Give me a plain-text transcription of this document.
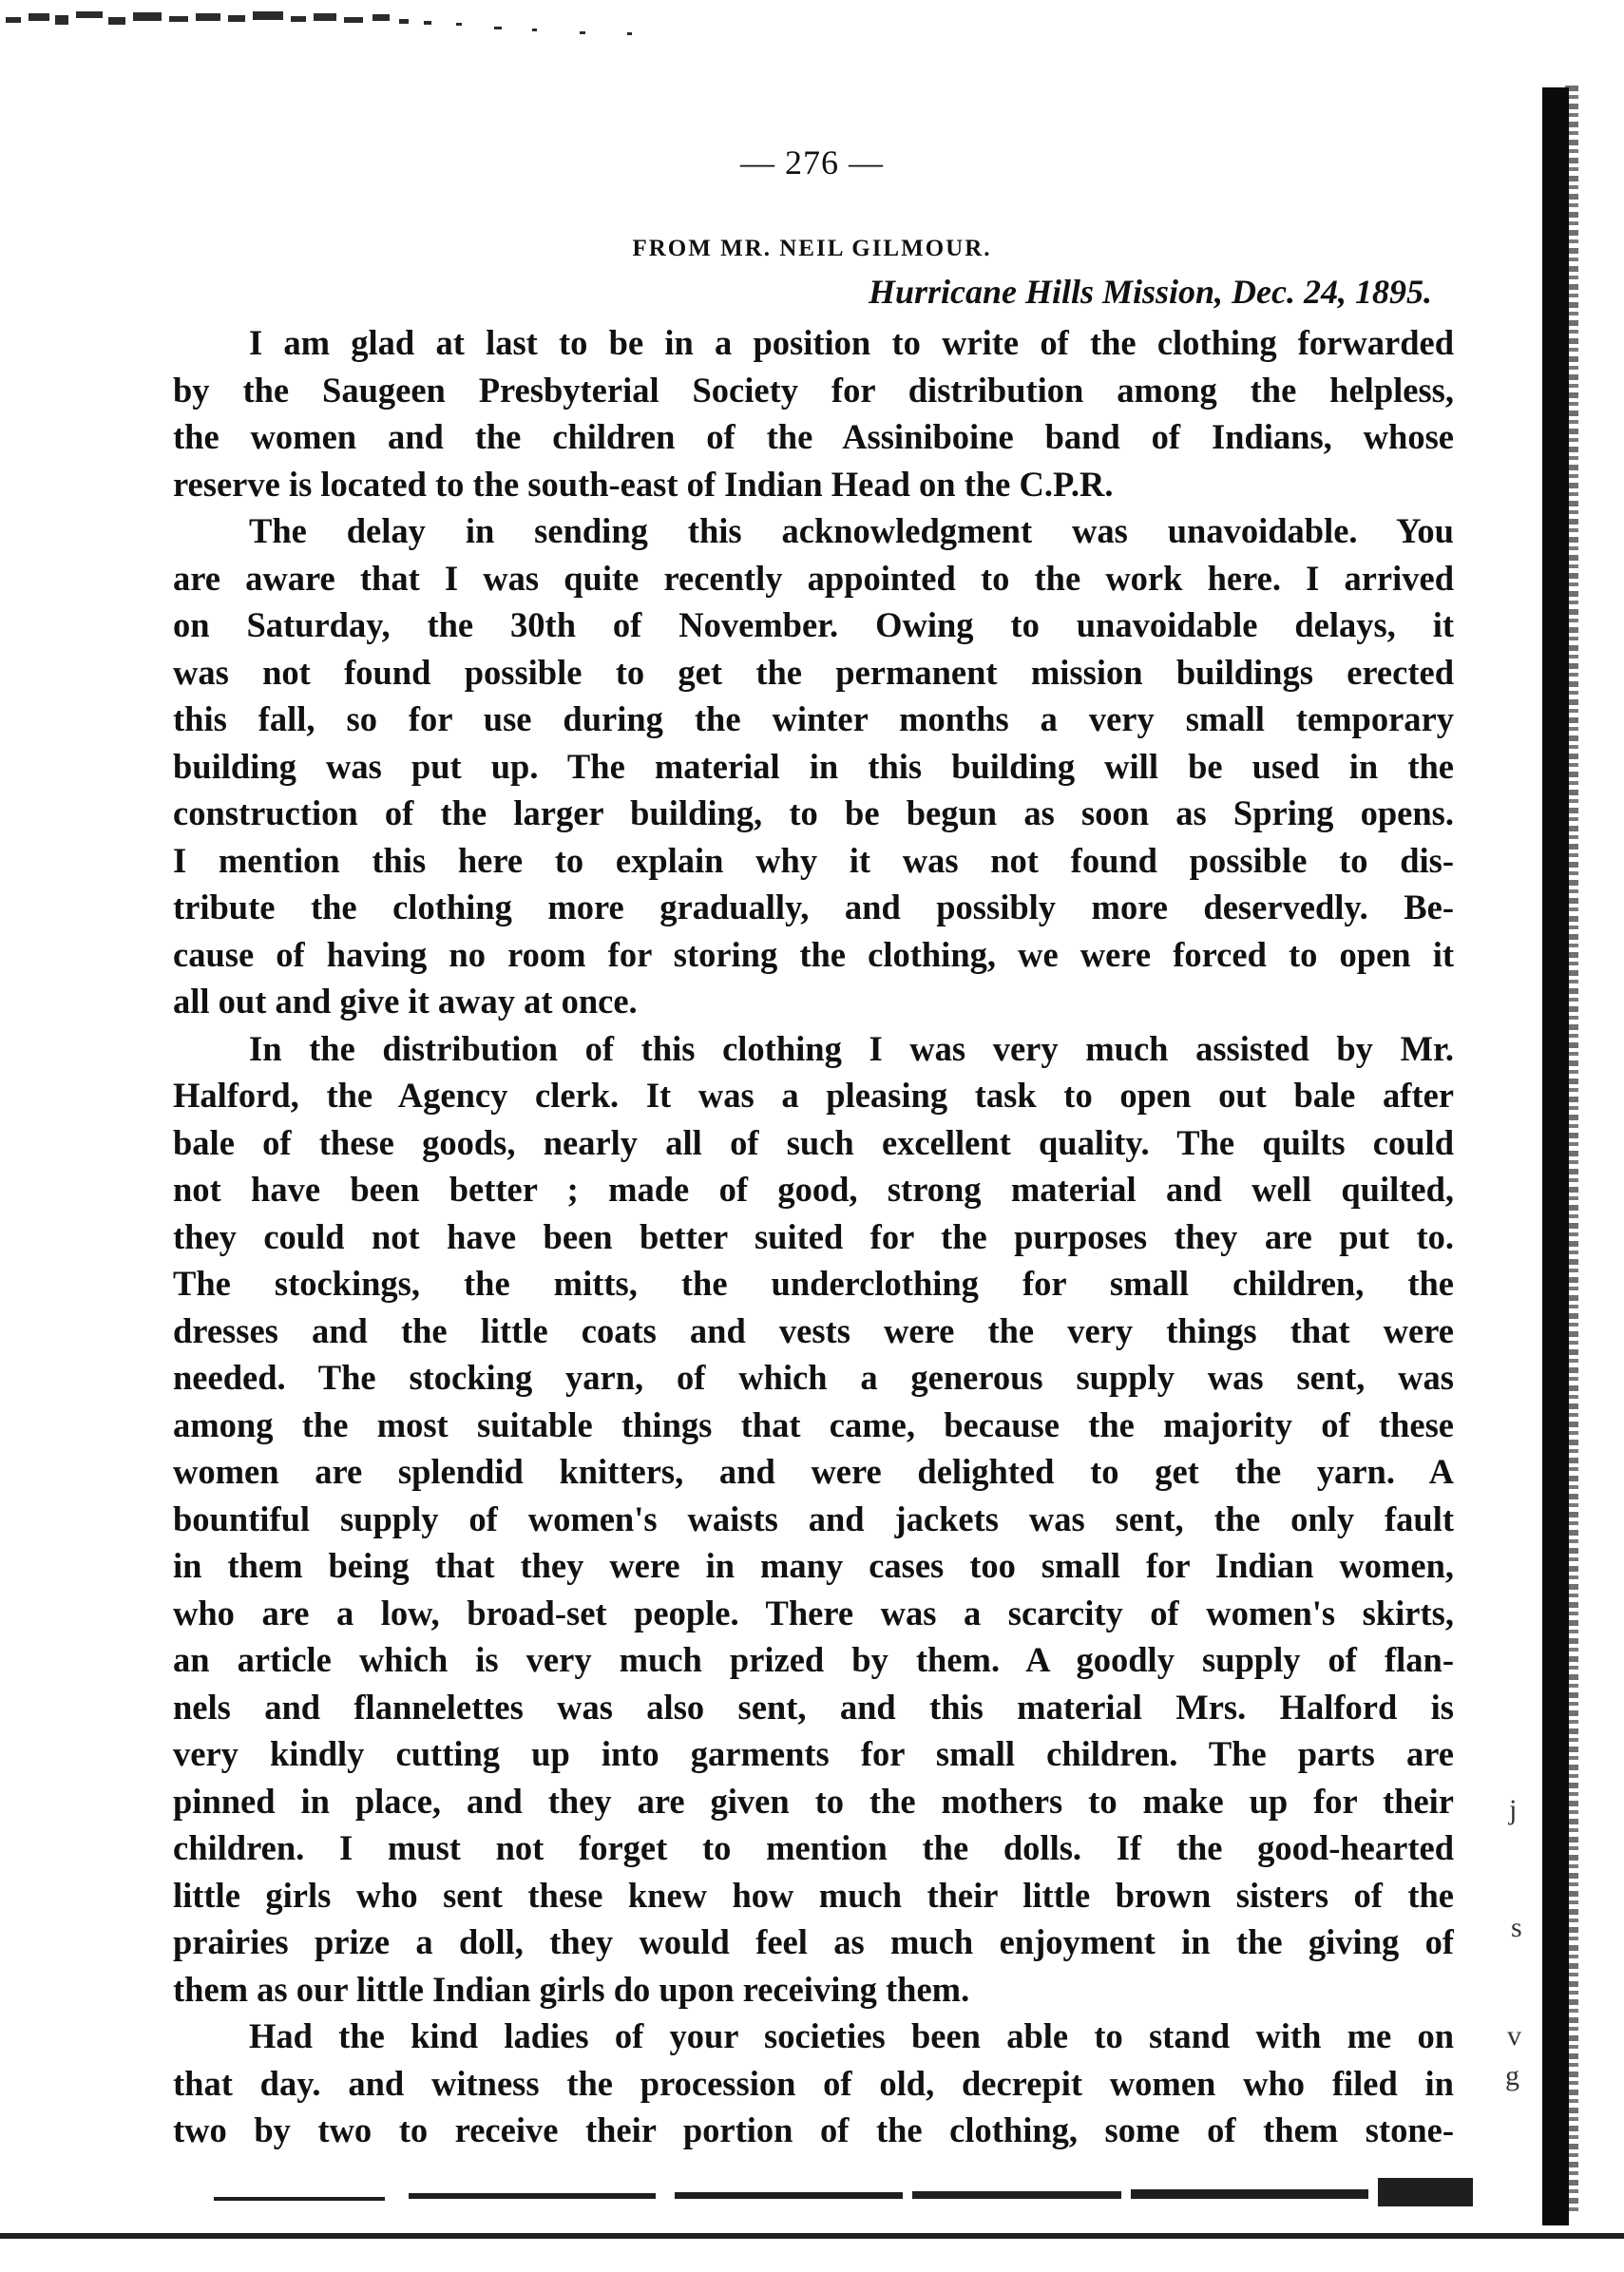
— 276 —
FROM MR. NEIL GILMOUR.
Hurricane Hills Mission, Dec. 24, 1895.
I am glad at last to be in a position to write of the clothing forwarded
by the Saugeen Presbyterial Society for distribution among the helpless,
the women and the children of the Assiniboine band of Indians, whose
reserve is located to the south-east of Indian Head on the C.P.R.
The delay in sending this acknowledgment was unavoidable. You
are aware that I was quite recently appointed to the work here. I arrived
on Saturday, the 30th of November. Owing to unavoidable delays, it
was not found possible to get the permanent mission buildings erected
this fall, so for use during the winter months a very small temporary
building was put up. The material in this building will be used in the
construction of the larger building, to be begun as soon as Spring opens.
I mention this here to explain why it was not found possible to dis-
tribute the clothing more gradually, and possibly more deservedly. Be-
cause of having no room for storing the clothing, we were forced to open it
all out and give it away at once.
In the distribution of this clothing I was very much assisted by Mr.
Halford, the Agency clerk. It was a pleasing task to open out bale after
bale of these goods, nearly all of such excellent quality. The quilts could
not have been better ; made of good, strong material and well quilted,
they could not have been better suited for the purposes they are put to.
The stockings, the mitts, the underclothing for small children, the
dresses and the little coats and vests were the very things that were
needed. The stocking yarn, of which a generous supply was sent, was
among the most suitable things that came, because the majority of these
women are splendid knitters, and were delighted to get the yarn. A
bountiful supply of women's waists and jackets was sent, the only fault
in them being that they were in many cases too small for Indian women,
who are a low, broad-set people. There was a scarcity of women's skirts,
an article which is very much prized by them. A goodly supply of flan-
nels and flannelettes was also sent, and this material Mrs. Halford is
very kindly cutting up into garments for small children. The parts are
pinned in place, and they are given to the mothers to make up for their
children. I must not forget to mention the dolls. If the good-hearted
little girls who sent these knew how much their little brown sisters of the
prairies prize a doll, they would feel as much enjoyment in the giving of
them as our little Indian girls do upon receiving them.
Had the kind ladies of your societies been able to stand with me on
that day. and witness the procession of old, decrepit women who filed in
two by two to receive their portion of the clothing, some of them stone-
j
s
v
g
